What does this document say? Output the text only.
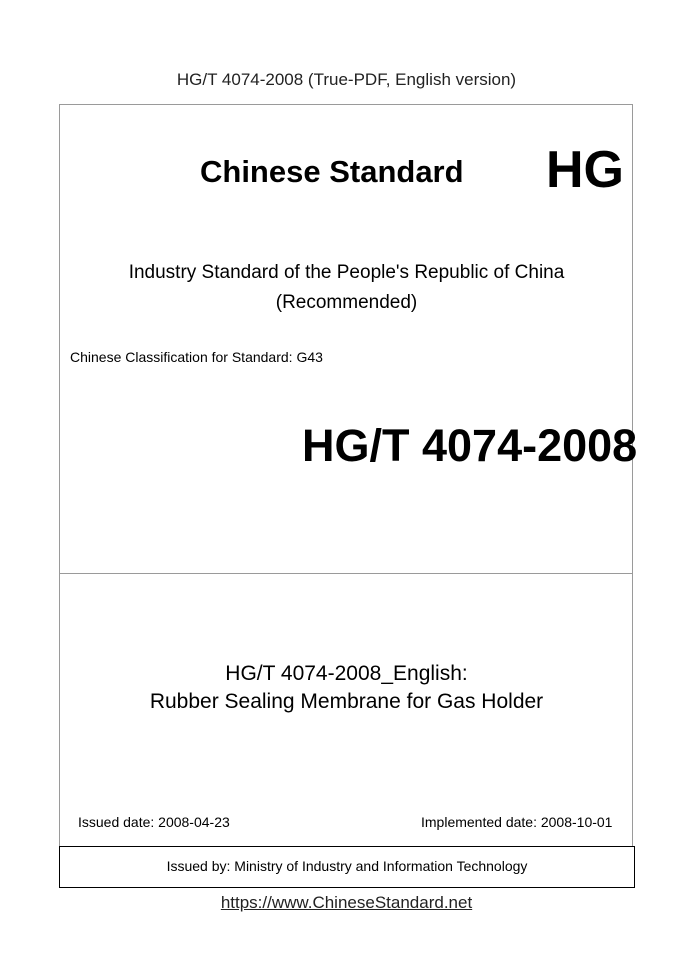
HG/T 4074-2008 (True-PDF, English version)
Chinese Standard HG
Industry Standard of the People's Republic of China
(Recommended)
Chinese Classification for Standard: G43
HG/T 4074-2008
HG/T 4074-2008_English:
Rubber Sealing Membrane for Gas Holder
Issued date: 2008-04-23	Implemented date: 2008-10-01
Issued by: Ministry of Industry and Information Technology
https://www.ChineseStandard.net
